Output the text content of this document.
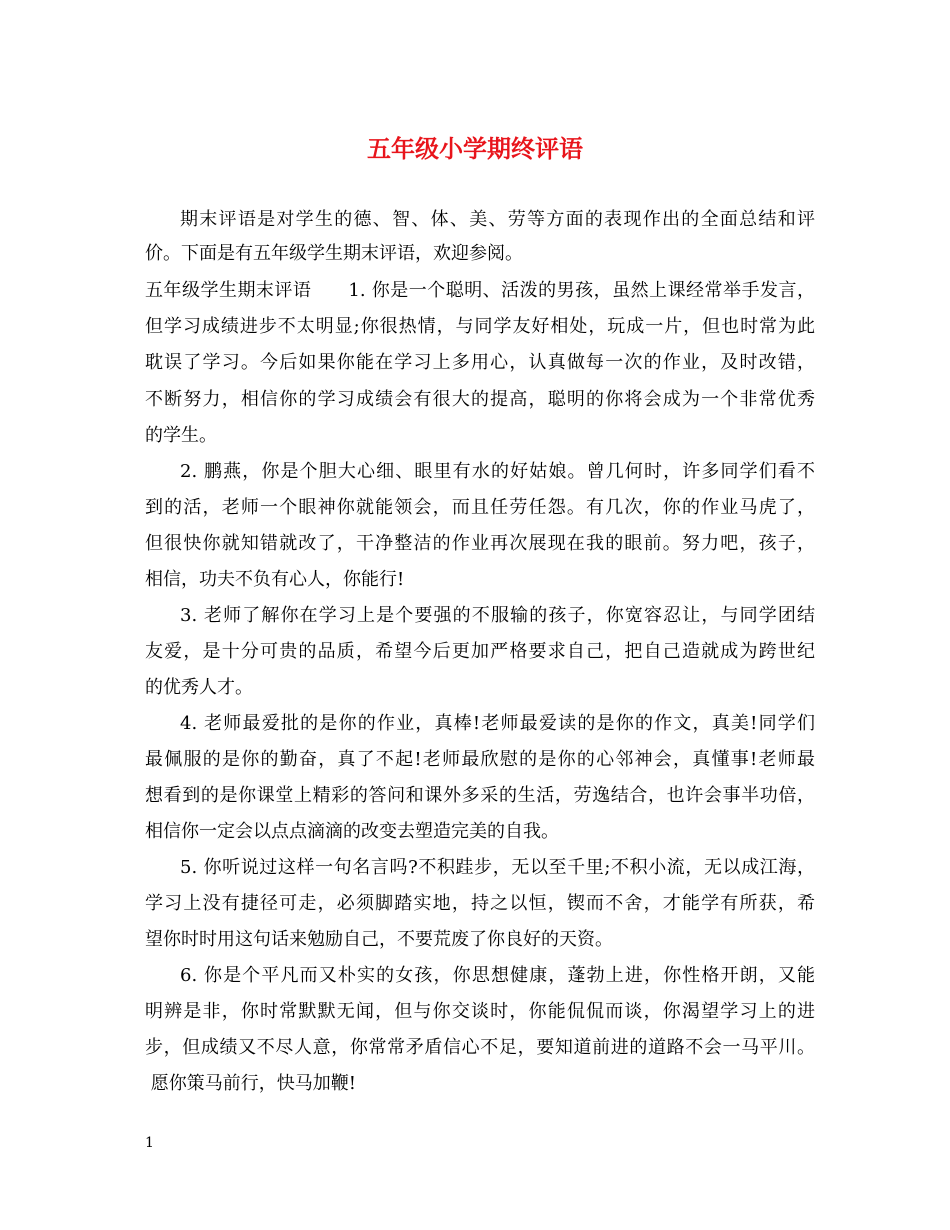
五年级小学期终评语
期末评语是对学生的德、智、体、美、劳等方面的表现作出的全面总结和评
价。下面是有五年级学生期末评语，欢迎参阅。
五年级学生期末评语　　1. 你是一个聪明、活泼的男孩，虽然上课经常举手发言，
但学习成绩进步不太明显;你很热情，与同学友好相处，玩成一片，但也时常为此
耽误了学习。今后如果你能在学习上多用心，认真做每一次的作业，及时改错，
不断努力，相信你的学习成绩会有很大的提高，聪明的你将会成为一个非常优秀
的学生。
2. 鹏燕，你是个胆大心细、眼里有水的好姑娘。曾几何时，许多同学们看不
到的活，老师一个眼神你就能领会，而且任劳任怨。有几次，你的作业马虎了，
但很快你就知错就改了，干净整洁的作业再次展现在我的眼前。努力吧，孩子，
相信，功夫不负有心人，你能行!
3. 老师了解你在学习上是个要强的不服输的孩子，你宽容忍让，与同学团结
友爱，是十分可贵的品质，希望今后更加严格要求自己，把自己造就成为跨世纪
的优秀人才。
4. 老师最爱批的是你的作业，真棒!老师最爱读的是你的作文，真美!同学们
最佩服的是你的勤奋，真了不起!老师最欣慰的是你的心邻神会，真懂事!老师最
想看到的是你课堂上精彩的答问和课外多采的生活，劳逸结合，也许会事半功倍，
相信你一定会以点点滴滴的改变去塑造完美的自我。
5. 你听说过这样一句名言吗?不积跬步，无以至千里;不积小流，无以成江海，
学习上没有捷径可走，必须脚踏实地，持之以恒，锲而不舍，才能学有所获，希
望你时时用这句话来勉励自己，不要荒废了你良好的天资。
6. 你是个平凡而又朴实的女孩，你思想健康，蓬勃上进，你性格开朗，又能
明辨是非，你时常默默无闻，但与你交谈时，你能侃侃而谈，你渴望学习上的进
步，但成绩又不尽人意，你常常矛盾信心不足，要知道前进的道路不会一马平川。
愿你策马前行，快马加鞭!
1
